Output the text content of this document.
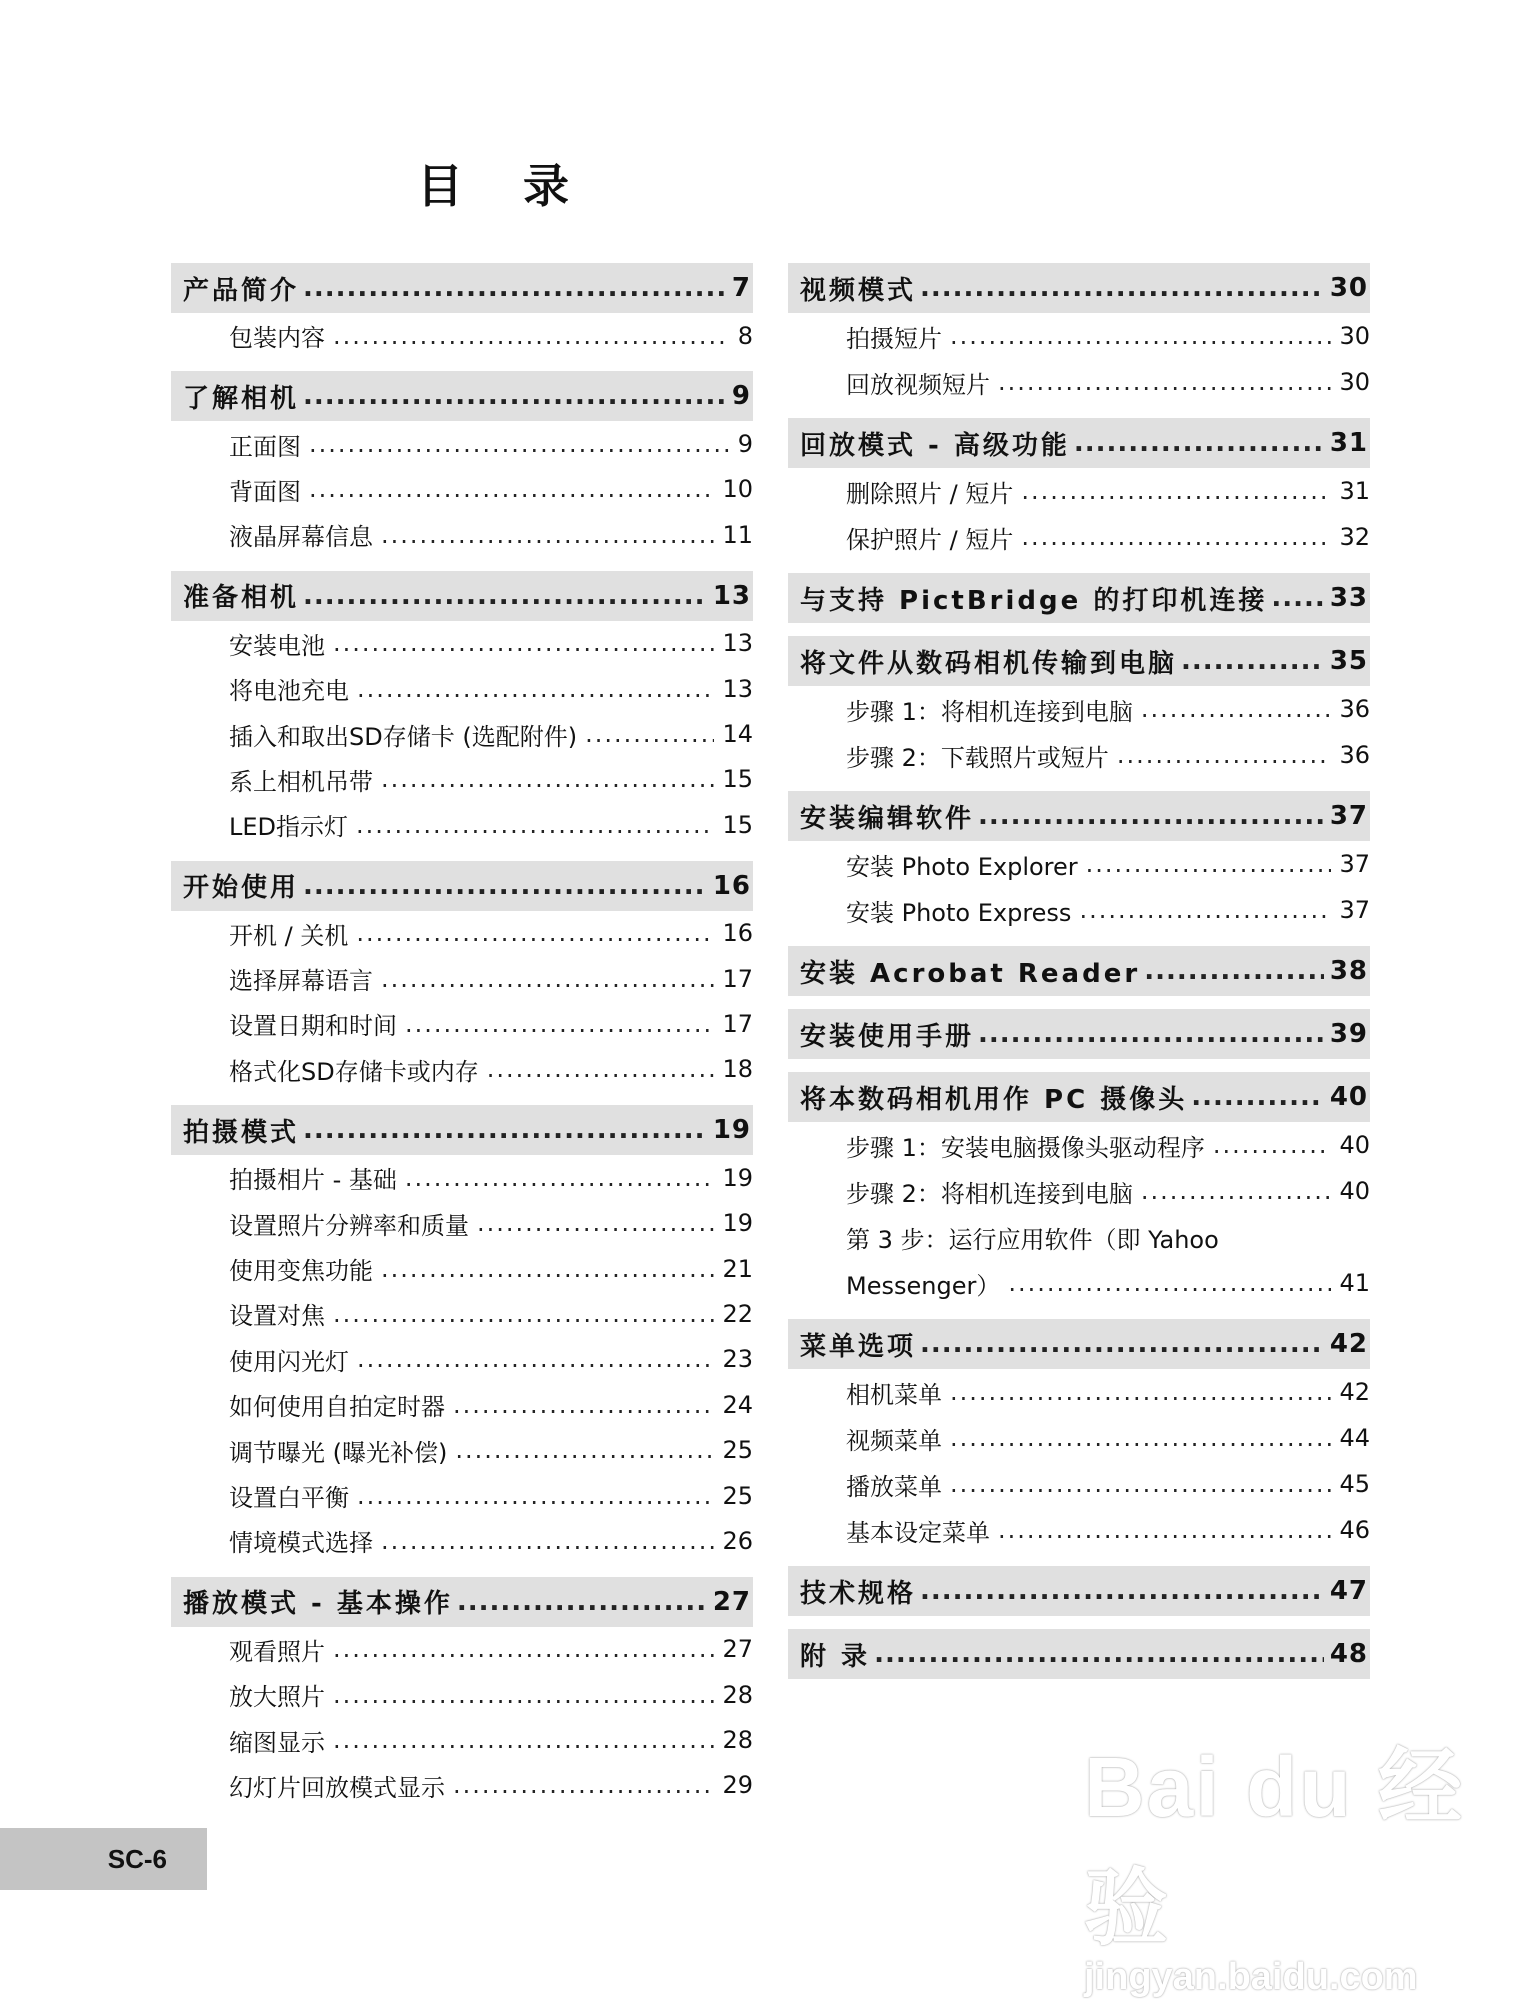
目 录
产品简介 .....	7
包装内容 .....	8
了解相机 .....	9
正面图 .....	9
背面图 .....	10
液晶屏幕信息 .....	11
准备相机 .....	13
安装电池 .....	13
将电池充电 .....	13
插入和取出SD存储卡 (选配附件) .....	14
系上相机吊带 .....	15
LED指示灯 .....	15
开始使用 .....	16
开机 / 关机 .....	16
选择屏幕语言 .....	17
设置日期和时间 .....	17
格式化SD存储卡或内存 .....	18
拍摄模式 .....	19
拍摄相片 - 基础 .....	19
设置照片分辨率和质量 .....	19
使用变焦功能 .....	21
设置对焦 .....	22
使用闪光灯 .....	23
如何使用自拍定时器 .....	24
调节曝光 (曝光补偿) .....	25
设置白平衡 .....	25
情境模式选择 .....	26
播放模式 - 基本操作 .....	27
观看照片 .....	27
放大照片 .....	28
缩图显示 .....	28
幻灯片回放模式显示 .....	29
视频模式 .....	30
拍摄短片 .....	30
回放视频短片 .....	30
回放模式 - 高级功能 .....	31
删除照片 / 短片 .....	31
保护照片 / 短片 .....	32
与支持 PictBridge 的打印机连接 ..... 33
将文件从数码相机传输到电脑 .....	35
步骤 1：将相机连接到电脑 .....	36
步骤 2：下载照片或短片 .....	36
安装编辑软件 .....	37
安装 Photo Explorer .....	37
安装 Photo Express .....	37
安装 Acrobat Reader .....	38
安装使用手册 .....	39
将本数码相机用作 PC 摄像头 .....	40
步骤 1：安装电脑摄像头驱动程序 .....	40
步骤 2：将相机连接到电脑 .....	40
第 3 步：运行应用软件（即 Yahoo
Messenger） .....	41
菜单选项 .....	42
相机菜单 .....	42
视频菜单 .....	44
播放菜单 .....	45
基本设定菜单 .....	46
技术规格 .....	47
附 录 .....	48
SC-6
Bai du 经验
jingyan.baidu.com
